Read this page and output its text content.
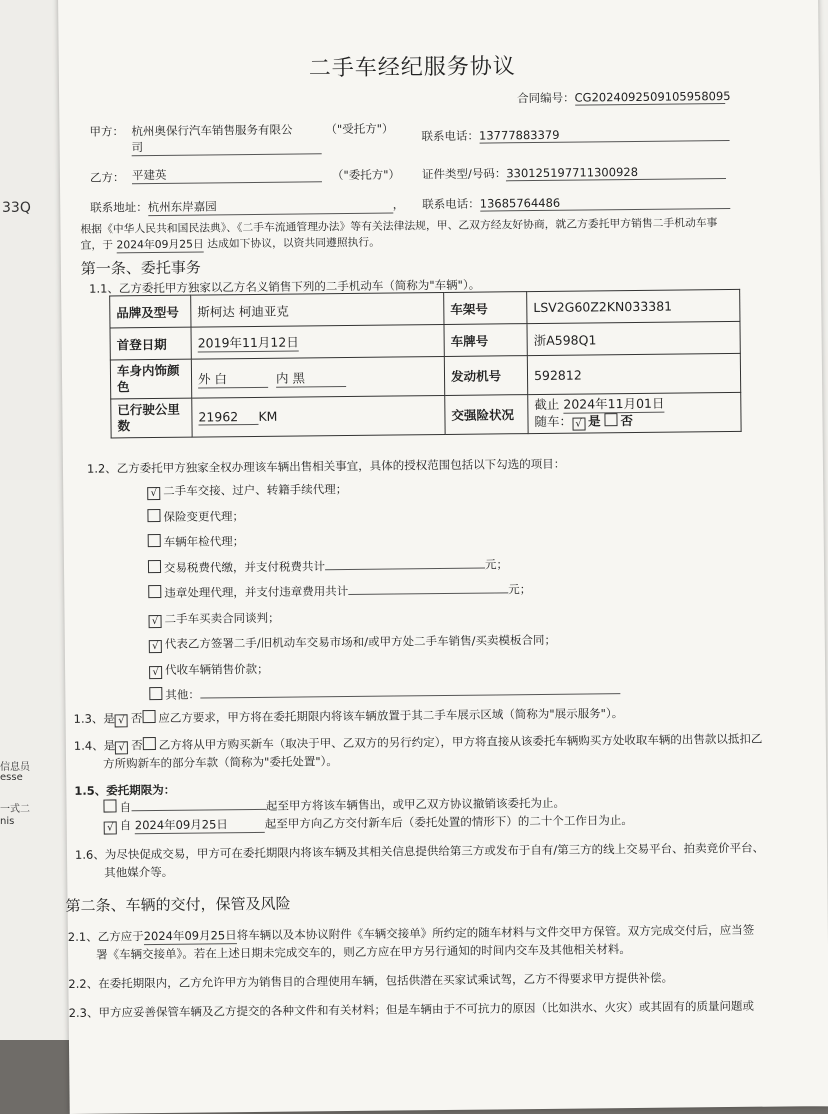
33Q
信息员
esse
一式二
nis
二手车经纪服务协议
合同编号：CG2024092509105958095
甲方： 杭州奥保行汽车销售服务有限公
司
（"受托方"） 联系电话：13777883379
乙方： 平建英	（"委托方"） 证件类型/号码：330125197711300928
联系地址：杭州东岸嘉园	， 联系电话：13685764486
根据《中华人民共和国民法典》、《二手车流通管理办法》等有关法律法规，甲、乙双方经友好协商，就乙方委托甲方销售二手机动车事
宜，于 2024年09月25日 达成如下协议，以资共同遵照执行。
第一条、委托事务
1.1、乙方委托甲方独家以乙方名义销售下列的二手机动车（简称为"车辆"）。
品牌及型号	斯柯达 柯迪亚克	车架号	LSV2G60Z2KN033381
首登日期	2019年11月12日	车牌号	浙A598Q1
车身内饰颜
色	外 白 内 黑	发动机号	592812
已行驶公里
数	21962 KM	交强险状况	截止 2024年11月01日
随车： √ 是 否
1.2、乙方委托甲方独家全权办理该车辆出售相关事宜，具体的授权范围包括以下勾选的项目：
√ 二手车交接、过户、转籍手续代理；
保险变更代理；
车辆年检代理；
交易税费代缴，并支付税费共计	元；
违章处理代理，并支付违章费用共计	元；
√ 二手车买卖合同谈判；
√ 代表乙方签署二手/旧机动车交易市场和/或甲方处二手车销售/买卖模板合同；
√ 代收车辆销售价款；
其他：
1.3、是 √ 否 应乙方要求，甲方将在委托期限内将该车辆放置于其二手车展示区域（简称为"展示服务"）。
1.4、是 √ 否 乙方将从甲方购买新车（取决于甲、乙双方的另行约定），甲方将直接从该委托车辆购买方处收取车辆的出售款以抵扣乙
方所购新车的部分车款（简称为"委托处置"）。
1.5、委托期限为：
自	起至甲方将该车辆售出，或甲乙双方协议撤销该委托为止。
√ 自 2024年09月25日	起至甲方向乙方交付新车后（委托处置的情形下）的二十个工作日为止。
1.6、为尽快促成交易，甲方可在委托期限内将该车辆及其相关信息提供给第三方或发布于自有/第三方的线上交易平台、拍卖竞价平台、
其他媒介等。
第二条、车辆的交付，保管及风险
2.1、乙方应于2024年09月25日将车辆以及本协议附件《车辆交接单》所约定的随车材料与文件交甲方保管。双方完成交付后，应当签
署《车辆交接单》。若在上述日期未完成交车的，则乙方应在甲方另行通知的时间内交车及其他相关材料。
2.2、在委托期限内，乙方允许甲方为销售目的合理使用车辆，包括供潜在买家试乘试驾，乙方不得要求甲方提供补偿。
2.3、甲方应妥善保管车辆及乙方提交的各种文件和有关材料；但是车辆由于不可抗力的原因（比如洪水、火灾）或其固有的质量问题或
